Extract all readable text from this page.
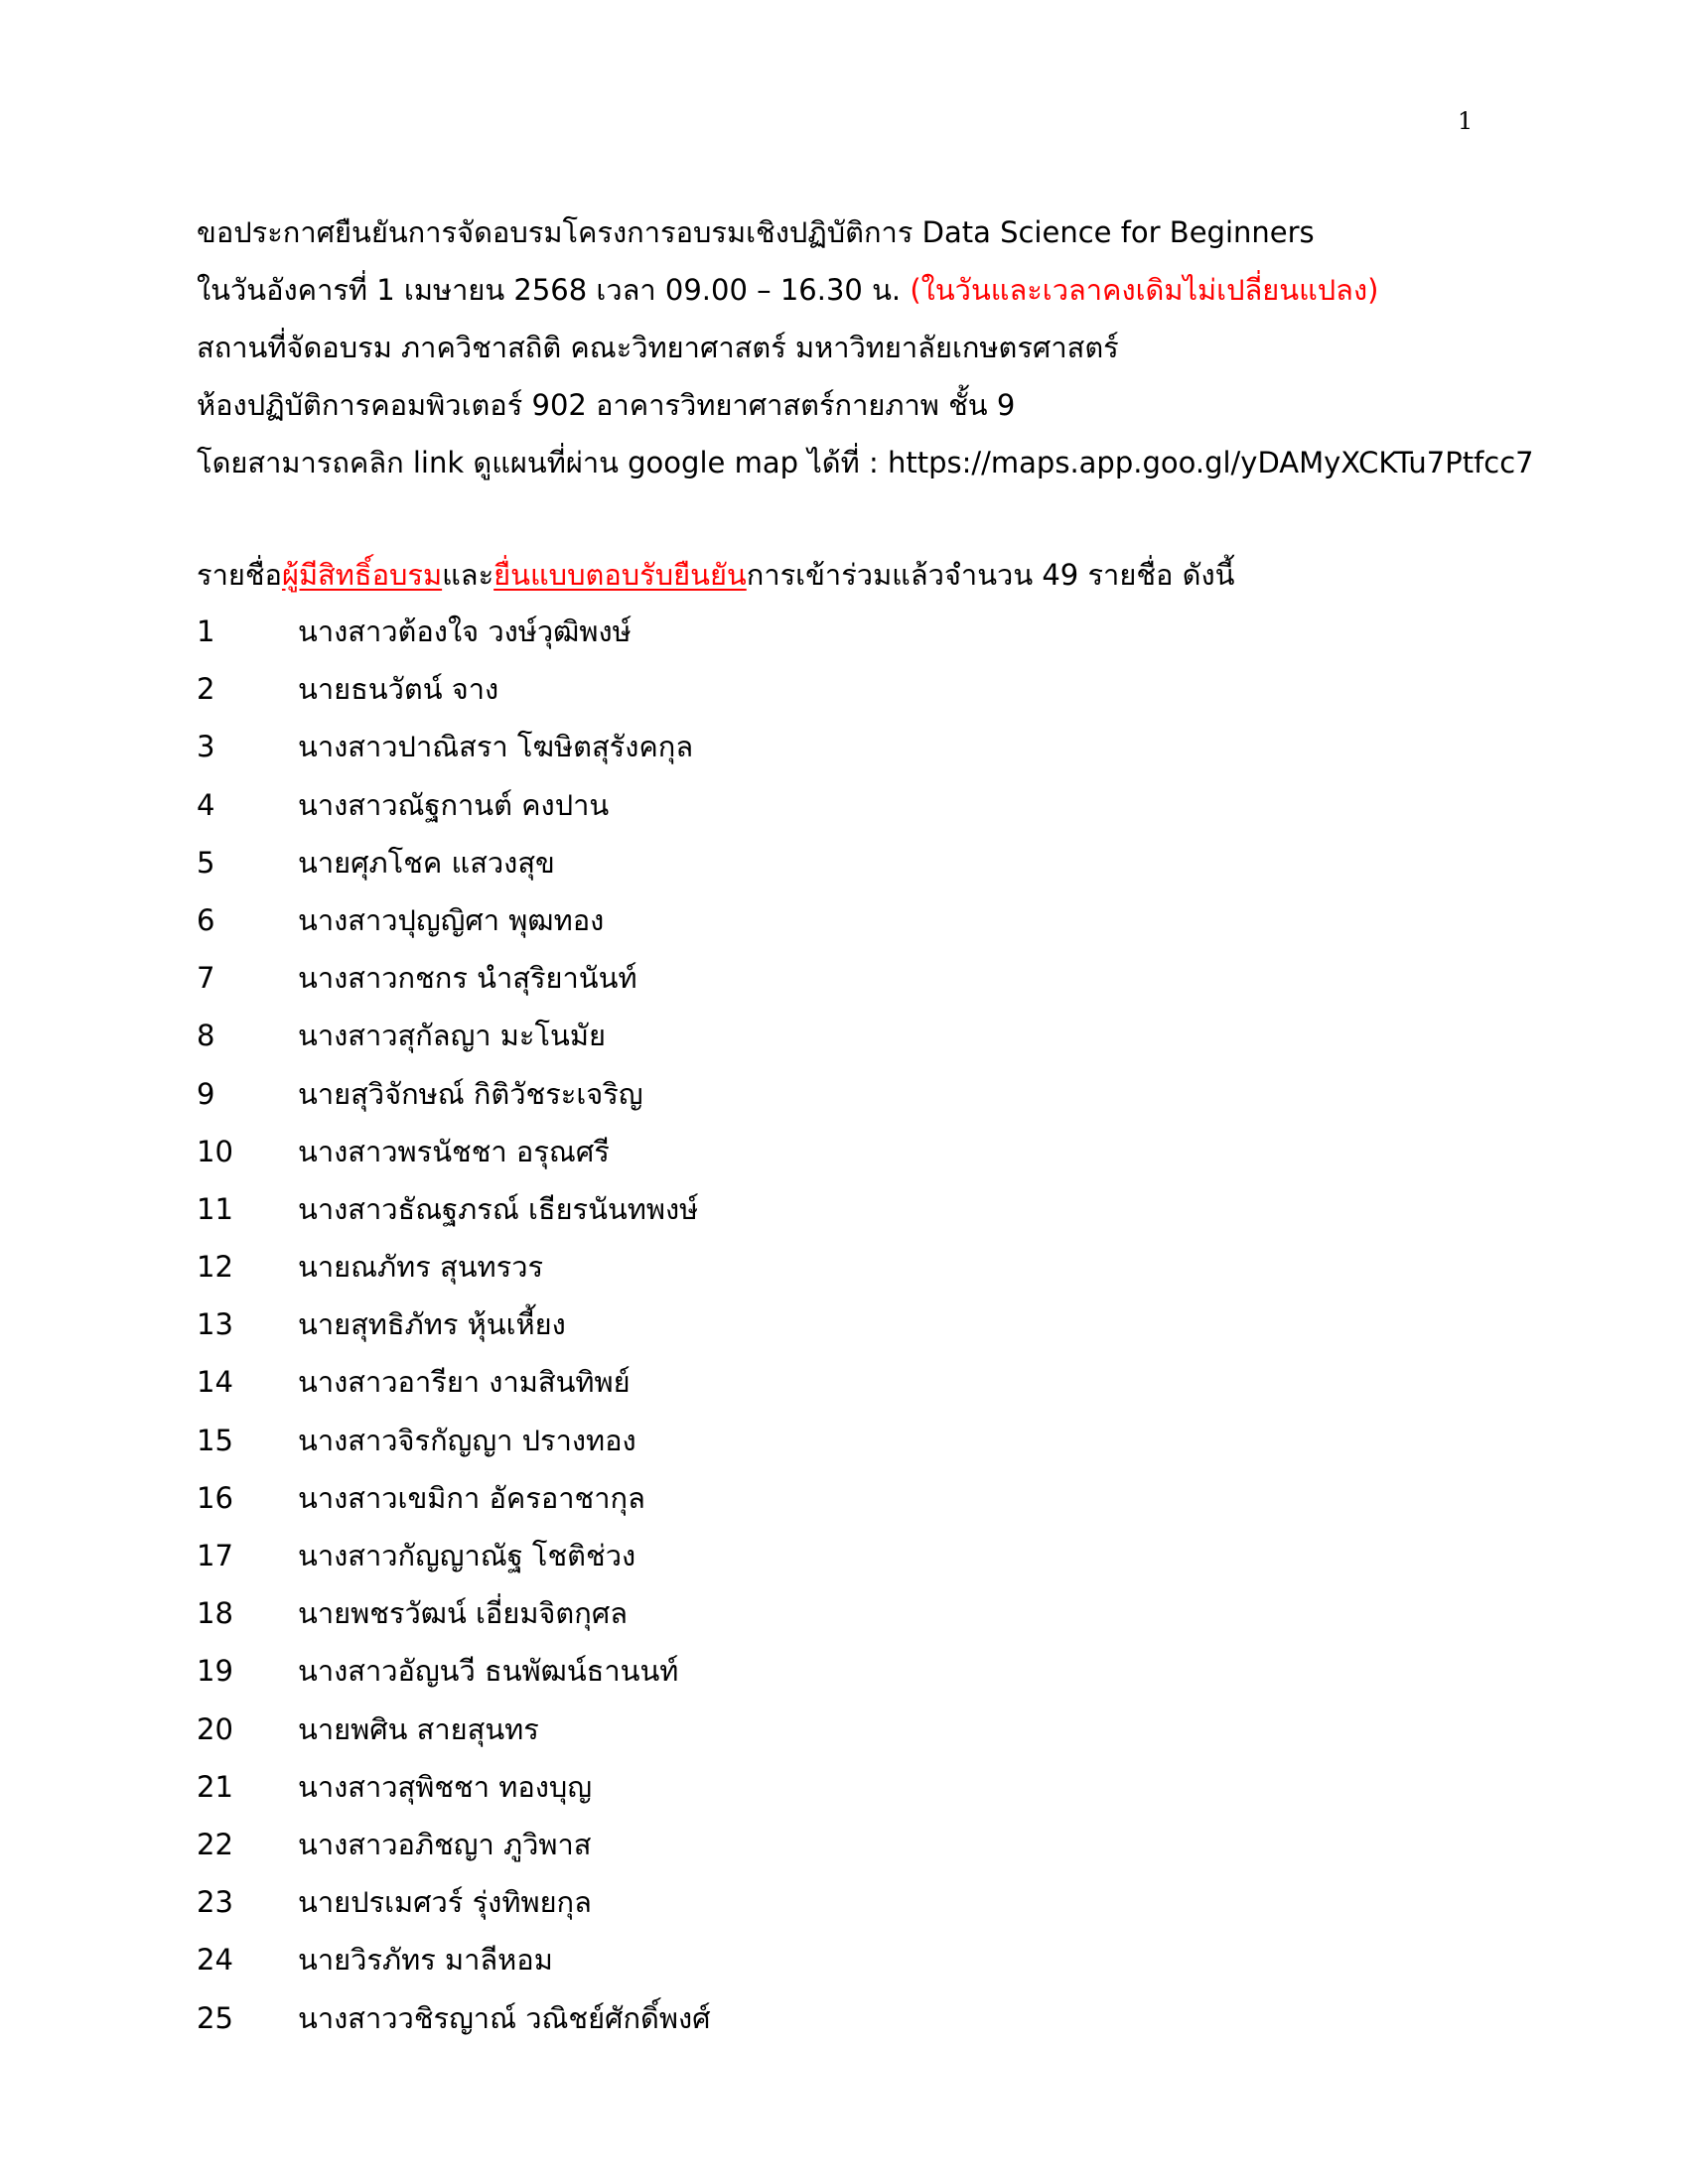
1
ขอประกาศยืนยันการจัดอบรมโครงการอบรมเชิงปฏิบัติการ Data Science for Beginners
ในวันอังคารที่ 1 เมษายน 2568 เวลา 09.00 – 16.30 น. (ในวันและเวลาคงเดิมไม่เปลี่ยนแปลง)
สถานที่จัดอบรม ภาควิชาสถิติ คณะวิทยาศาสตร์ มหาวิทยาลัยเกษตรศาสตร์
ห้องปฏิบัติการคอมพิวเตอร์ 902 อาคารวิทยาศาสตร์กายภาพ ชั้น 9
โดยสามารถคลิก link ดูแผนที่ผ่าน google map ได้ที่ : https://maps.app.goo.gl/yDAMyXCKTu7Ptfcc7
รายชื่อผู้มีสิทธิ์อบรมและยื่นแบบตอบรับยืนยันการเข้าร่วมแล้วจำนวน 49 รายชื่อ ดังนี้
1	นางสาวต้องใจ วงษ์วุฒิพงษ์
2	นายธนวัตน์ จาง
3	นางสาวปาณิสรา โฆษิตสุรังคกุล
4	นางสาวณัฐกานต์ คงปาน
5	นายศุภโชค แสวงสุข
6	นางสาวปุญญิศา พุฒทอง
7	นางสาวกชกร นำสุริยานันท์
8	นางสาวสุกัลญา มะโนมัย
9	นายสุวิจักษณ์ กิติวัชระเจริญ
10	นางสาวพรนัชชา อรุณศรี
11	นางสาวธัณฐภรณ์ เธียรนันทพงษ์
12	นายณภัทร สุนทรวร
13	นายสุทธิภัทร หุ้นเหี้ยง
14	นางสาวอารียา งามสินทิพย์
15	นางสาวจิรกัญญา ปรางทอง
16	นางสาวเขมิกา อัครอาชากุล
17	นางสาวกัญญาณัฐ โชติช่วง
18	นายพชรวัฒน์ เอี่ยมจิตกุศล
19	นางสาวอัญนวี ธนพัฒน์ธานนท์
20	นายพศิน สายสุนทร
21	นางสาวสุพิชชา ทองบุญ
22	นางสาวอภิชญา ภูวิพาส
23	นายปรเมศวร์ รุ่งทิพยกุล
24	นายวิรภัทร มาลีหอม
25	นางสาววชิรญาณ์ วณิชย์ศักดิ์พงศ์
